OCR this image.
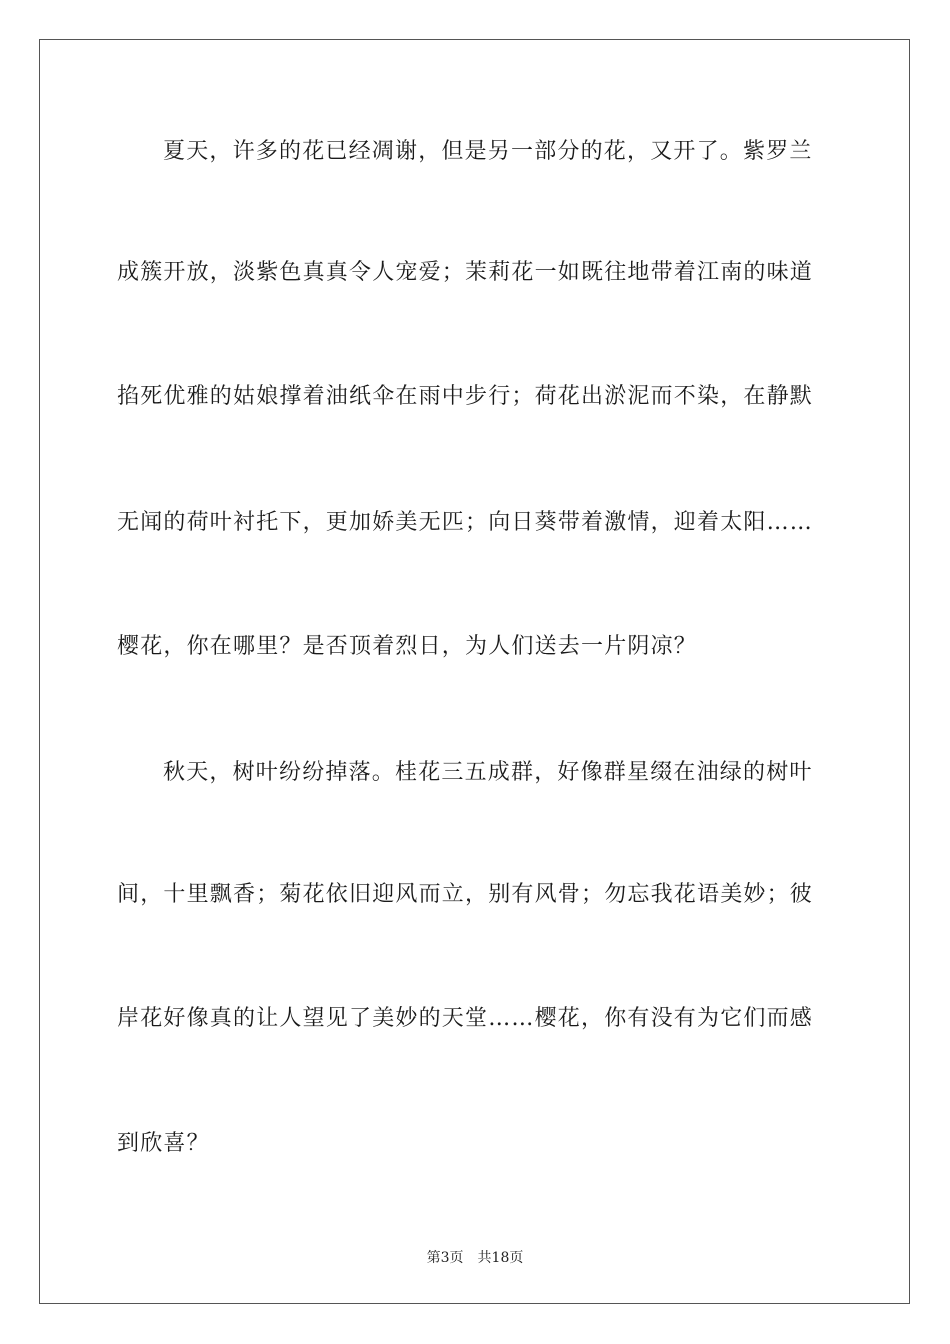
夏天，许多的花已经凋谢，但是另一部分的花，又开了。紫罗兰
成簇开放，淡紫色真真令人宠爱；茉莉花一如既往地带着江南的味道
掐死优雅的姑娘撑着油纸伞在雨中步行；荷花出淤泥而不染，在静默
无闻的荷叶衬托下，更加娇美无匹；向日葵带着激情，迎着太阳……
樱花，你在哪里？是否顶着烈日，为人们送去一片阴凉？
秋天，树叶纷纷掉落。桂花三五成群，好像群星缀在油绿的树叶
间，十里飘香；菊花依旧迎风而立，别有风骨；勿忘我花语美妙；彼
岸花好像真的让人望见了美妙的天堂……樱花，你有没有为它们而感
到欣喜？
第3页 共18页
